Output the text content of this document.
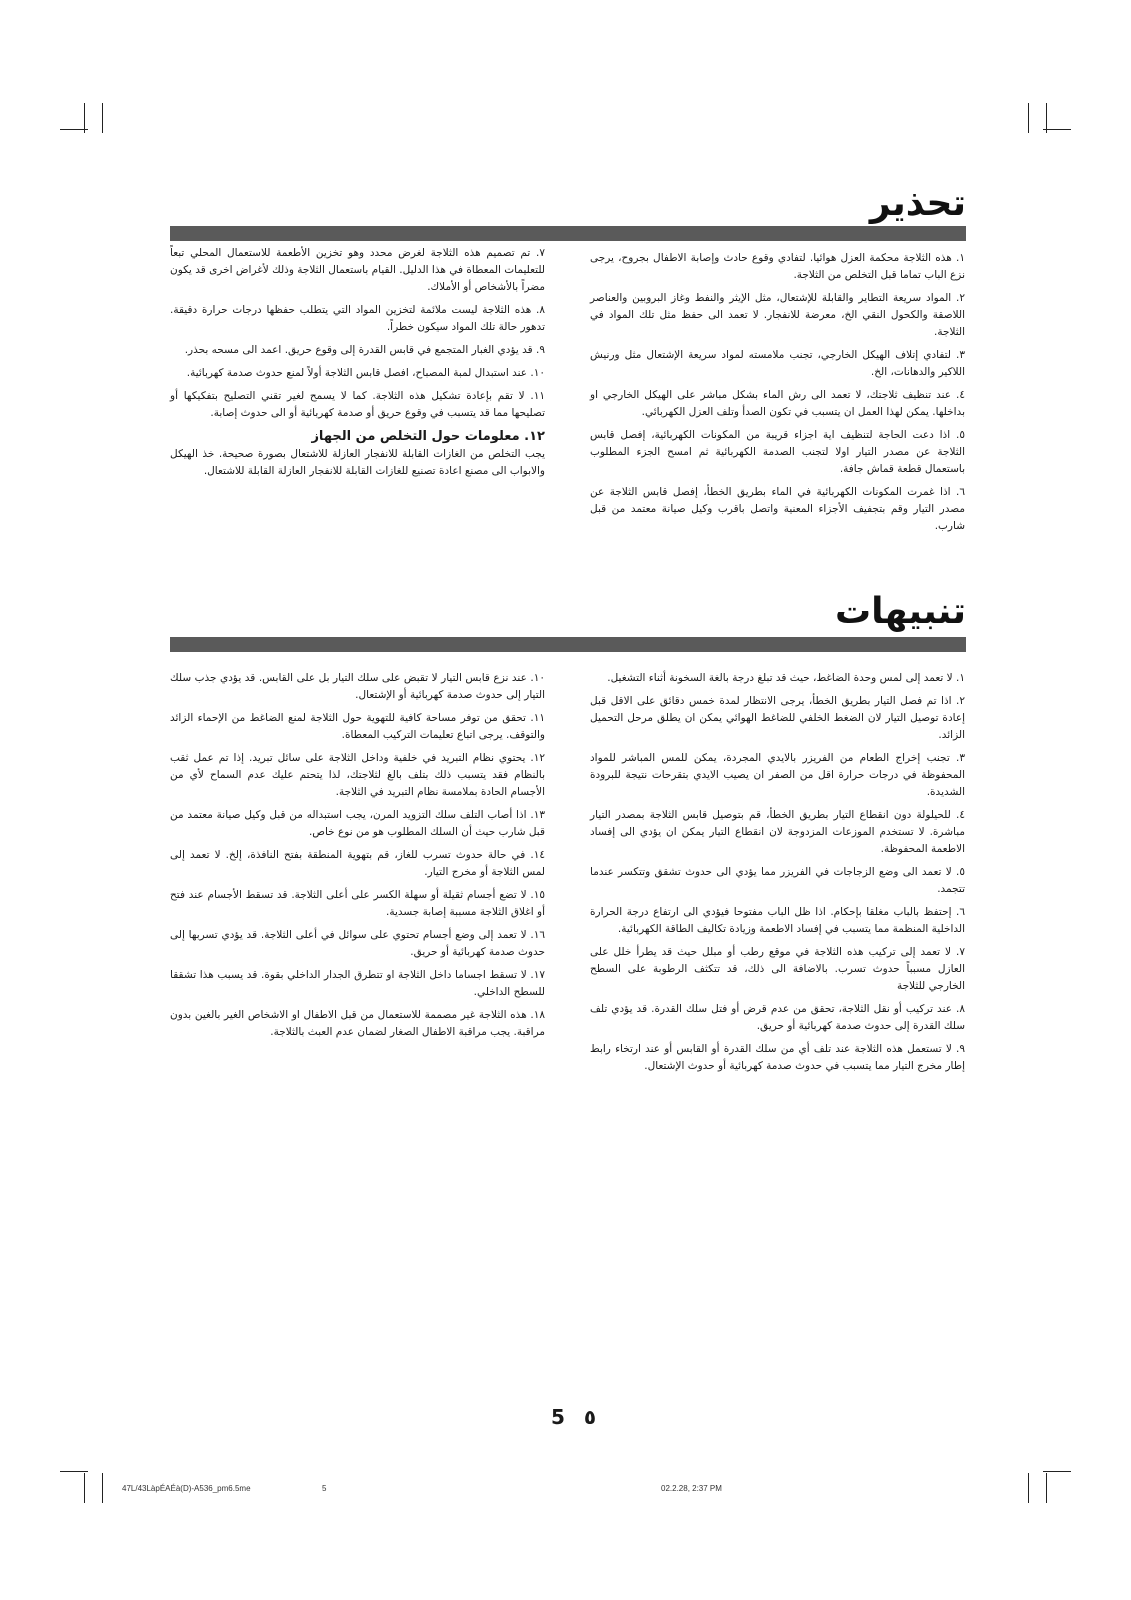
تحذير

١. هذه الثلاجة محكمة العزل هوائيا. لتفادي وقوع حادث وإصابة الاطفال بجروح، يرجى نزع الباب تماما قبل التخلص من الثلاجة.

٢. المواد سريعة التطاير والقابلة للإشتعال، مثل الإيثر والنفط وغاز البروبين والعناصر اللاصقة والكحول النقي الخ، معرضة للانفجار. لا تعمد الى حفظ مثل تلك المواد في الثلاجة.

٣. لتفادي إتلاف الهيكل الخارجي، تجنب ملامسته لمواد سريعة الإشتعال مثل ورنيش اللاكير والدهانات، الخ.

٤. عند تنظيف ثلاجتك، لا تعمد الى رش الماء بشكل مباشر على الهيكل الخارجي او بداخلها. يمكن لهذا العمل ان يتسبب في تكون الصدأ وتلف العزل الكهربائي.

٥. اذا دعت الحاجة لتنظيف اية اجزاء قريبة من المكونات الكهربائية، إفصل قابس الثلاجة عن مصدر التيار اولا لتجنب الصدمة الكهربائية ثم امسح الجزء المطلوب باستعمال قطعة قماش جافة.

٦. اذا غمرت المكونات الكهربائية في الماء بطريق الخطأ، إفصل قابس الثلاجة عن مصدر التيار وقم بتجفيف الأجزاء المعنية واتصل باقرب وكيل صيانة معتمد من قبل شارب.

٧. تم تصميم هذه الثلاجة لغرض محدد وهو تخزين الأطعمة للاستعمال المحلي تبعاً للتعليمات المعطاة في هذا الدليل. القيام باستعمال الثلاجة وذلك لأغراض اخرى قد يكون مضراً بالأشخاص أو الأملاك.

٨. هذه الثلاجة ليست ملائمة لتخزين المواد التي يتطلب حفظها درجات حرارة دقيقة. تدهور حالة تلك المواد سيكون خطراً.

٩. قد يؤدي الغبار المتجمع في قابس القدرة إلى وقوع حريق. اعمد الى مسحه بحذر.

١٠. عند استبدال لمبة المصباح، افصل قابس الثلاجة أولاً لمنع حدوث صدمة كهربائية.

١١. لا تقم بإعادة تشكيل هذه الثلاجة. كما لا يسمح لغير تقني التصليح بتفكيكها أو تصليحها مما قد يتسبب في وقوع حريق أو صدمة كهربائية أو الى حدوث إصابة.

١٢. معلومات حول التخلص من الجهاز

يجب التخلص من الغازات القابلة للانفجار العازلة للاشتعال بصورة صحيحة. خذ الهيكل والابواب الى مصنع اعادة تصنيع للغازات القابلة للانفجار العازلة القابلة للاشتعال.

تنبيهات

١. لا تعمد إلى لمس وحدة الضاغط، حيث قد تبلغ درجة بالغة السخونة أثناء التشغيل.

٢. اذا تم فصل التيار بطريق الخطأ، يرجى الانتظار لمدة خمس دقائق على الاقل قبل إعادة توصيل التيار لان الضغط الخلفي للضاغط الهوائي يمكن ان يطلق مرحل التحميل الزائد.

٣. تجنب إخراج الطعام من الفريزر بالايدي المجردة، يمكن للمس المباشر للمواد المحفوظة في درجات حرارة اقل من الصفر ان يصيب الايدي بتقرحات نتيجة للبرودة الشديدة.

٤. للحيلولة دون انقطاع التيار بطريق الخطأ، قم بتوصيل قابس الثلاجة بمصدر التيار مباشرة. لا تستخدم الموزعات المزدوجة لان انقطاع التيار يمكن ان يؤدي الى إفساد الاطعمة المحفوظة.

٥. لا تعمد الى وضع الزجاجات في الفريزر مما يؤدي الى حدوث تشقق وتتكسر عندما تتجمد.

٦. إحتفظ بالباب مغلقا بإحكام. اذا ظل الباب مفتوحا فيؤدي الى ارتفاع درجة الحرارة الداخلية المنظمة مما يتسبب في إفساد الاطعمة وزيادة تكاليف الطاقة الكهربائية.

٧. لا تعمد إلى تركيب هذه الثلاجة في موقع رطب أو مبلل حيث قد يطرأ خلل على العازل مسبباً حدوث تسرب. بالاضافة الى ذلك، قد تتكثف الرطوبة على السطح الخارجي للثلاجة

٨. عند تركيب أو نقل الثلاجة، تحقق من عدم قرض أو فتل سلك القدرة. قد يؤدي تلف سلك القدرة إلى حدوث صدمة كهربائية أو حريق.

٩. لا تستعمل هذه الثلاجة عند تلف أي من سلك القدرة أو القابس أو عند ارتخاء رابط إطار مخرج التيار مما يتسبب في حدوث صدمة كهربائية أو حدوث الإشتعال.

١٠. عند نزع قابس التيار لا تقبض على سلك التيار بل على القابس. قد يؤدي جذب سلك التيار إلى حدوث صدمة كهربائية أو الإشتعال.

١١. تحقق من توفر مساحة كافية للتهوية حول الثلاجة لمنع الضاغط من الإحماء الزائد والتوقف. يرجى اتباع تعليمات التركيب المعطاة.

١٢. يحتوي نظام التبريد في خلفية وداخل الثلاجة على سائل تبريد. إذا تم عمل ثقب بالنظام فقد يتسبب ذلك بتلف بالغ لثلاجتك، لذا يتحتم عليك عدم السماح لأي من الأجسام الحادة بملامسة نظام التبريد في الثلاجة.

١٣. اذا أصاب التلف سلك التزويد المرن، يجب استبداله من قبل وكيل صيانة معتمد من قبل شارب حيث أن السلك المطلوب هو من نوع خاص.

١٤. في حالة حدوث تسرب للغاز، قم بتهوية المنطقة بفتح النافذة، إلخ. لا تعمد إلى لمس الثلاجة أو مخرج التيار.

١٥. لا تضع أجسام ثقيلة أو سهلة الكسر على أعلى الثلاجة. قد تسقط الأجسام عند فتح أو اغلاق الثلاجة مسببة إصابة جسدية.

١٦. لا تعمد إلى وضع أجسام تحتوي على سوائل في أعلى الثلاجة. قد يؤدي تسربها إلى حدوث صدمة كهربائية أو حريق.

١٧. لا تسقط اجساما داخل الثلاجة او تتطرق الجدار الداخلي بقوة. قد يسبب هذا تشققا للسطح الداخلي.

١٨. هذه الثلاجة غير مصممة للاستعمال من قبل الاطفال او الاشخاص الغير بالغين بدون مراقبة. يجب مراقبة الاطفال الصغار لضمان عدم العبث بالثلاجة.

5 ٥
47L/43LàpÉAÉà(D)-A536_pm6.5me	5	02.2.28, 2:37 PM
